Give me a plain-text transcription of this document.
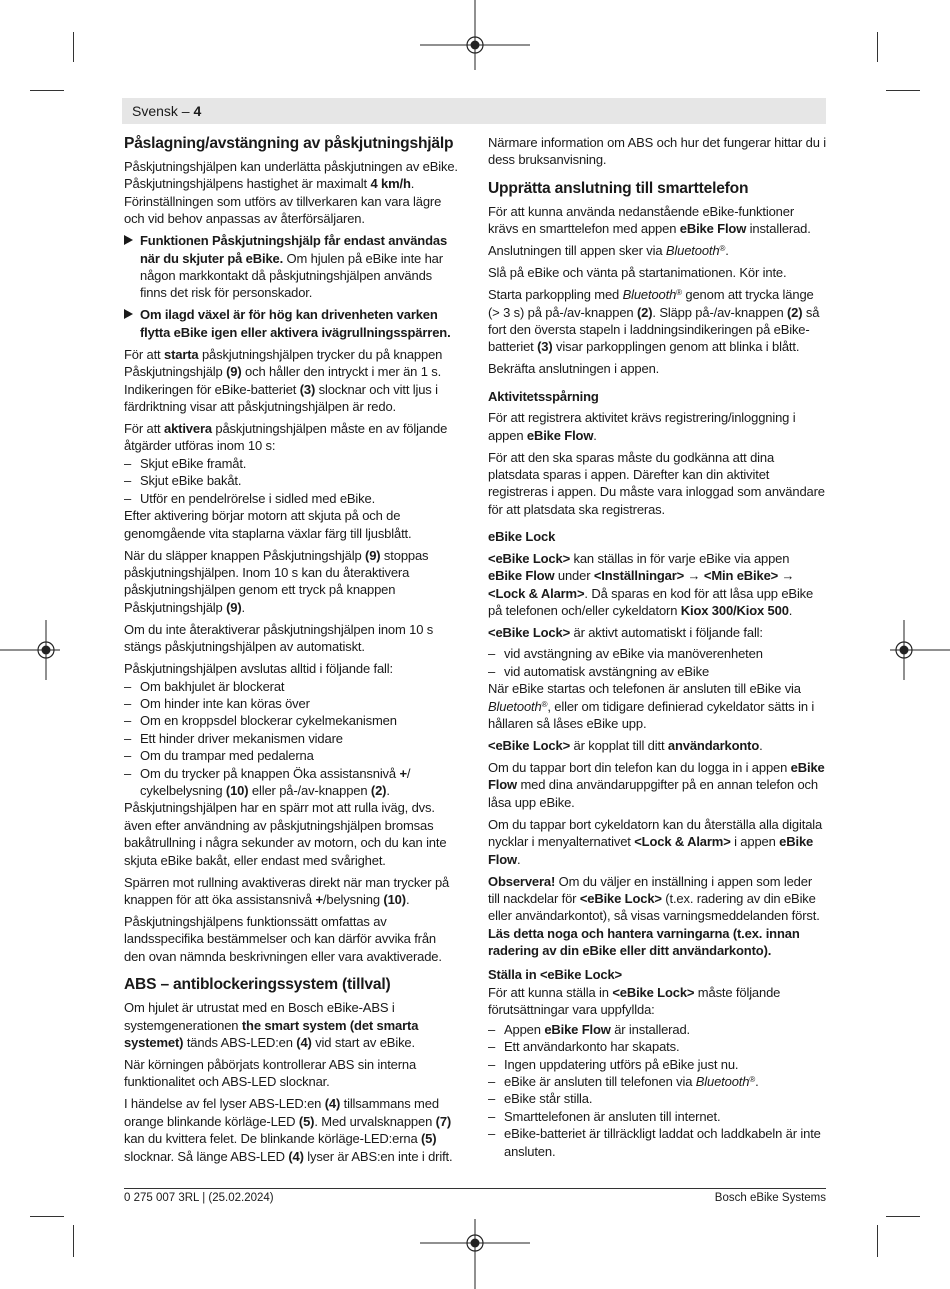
Svensk – 4
Påslagning/avstängning av påskjutningshjälp

Påskjutningshjälpen kan underlätta påskjutningen av eBike. Påskjutningshjälpens hastighet är maximalt 4 km/h. Förinställningen som utförs av tillverkaren kan vara lägre och vid behov anpassas av återförsäljaren.

Funktionen Påskjutningshjälp får endast användas när du skjuter på eBike. Om hjulen på eBike inte har någon markkontakt då påskjutningshjälpen används finns det risk för personskador.
Om ilagd växel är för hög kan drivenheten varken flytta eBike igen eller aktivera ivägrullningsspärren.

För att starta påskjutningshjälpen trycker du på knappen Påskjutningshjälp (9) och håller den intryckt i mer än 1 s. Indikeringen för eBike-batteriet (3) slocknar och vitt ljus i färdriktning visar att påskjutningshjälpen är redo.

För att aktivera påskjutningshjälpen måste en av följande åtgärder utföras inom 10 s:

– Skjut eBike framåt.
– Skjut eBike bakåt.
– Utför en pendelrörelse i sidled med eBike.

Efter aktivering börjar motorn att skjuta på och de genomgående vita staplarna växlar färg till ljusblått.

När du släpper knappen Påskjutningshjälp (9) stoppas påskjutningshjälpen. Inom 10 s kan du återaktivera påskjutningshjälpen genom ett tryck på knappen Påskjutningshjälp (9).

Om du inte återaktiverar påskjutningshjälpen inom 10 s stängs påskjutningshjälpen av automatiskt.

Påskjutningshjälpen avslutas alltid i följande fall:

– Om bakhjulet är blockerat
– Om hinder inte kan köras över
– Om en kroppsdel blockerar cykelmekanismen
– Ett hinder driver mekanismen vidare
– Om du trampar med pedalerna
– Om du trycker på knappen Öka assistansnivå +/ cykelbelysning (10) eller på-/av-knappen (2).

Påskjutningshjälpen har en spärr mot att rulla iväg, dvs. även efter användning av påskjutningshjälpen bromsas bakåtrullning i några sekunder av motorn, och du kan inte skjuta eBike bakåt, eller endast med svårighet.

Spärren mot rullning avaktiveras direkt när man trycker på knappen för att öka assistansnivå +/belysning (10).

Påskjutningshjälpens funktionssätt omfattas av landsspecifika bestämmelser och kan därför avvika från den ovan nämnda beskrivningen eller vara avaktiverade.

ABS – antiblockeringssystem (tillval)

Om hjulet är utrustat med en Bosch eBike-ABS i systemgenerationen the smart system (det smarta systemet) tänds ABS-LED:en (4) vid start av eBike.

När körningen påbörjats kontrollerar ABS sin interna funktionalitet och ABS-LED slocknar.

I händelse av fel lyser ABS-LED:en (4) tillsammans med orange blinkande körläge-LED (5). Med urvalsknappen (7) kan du kvittera felet. De blinkande körläge-LED:erna (5) slocknar. Så länge ABS-LED (4) lyser är ABS:en inte i drift.

Närmare information om ABS och hur det fungerar hittar du i dess bruksanvisning.

Upprätta anslutning till smarttelefon

För att kunna använda nedanstående eBike-funktioner krävs en smarttelefon med appen eBike Flow installerad.

Anslutningen till appen sker via Bluetooth®.

Slå på eBike och vänta på startanimationen. Kör inte.

Starta parkoppling med Bluetooth® genom att trycka länge (> 3 s) på på-/av-knappen (2). Släpp på-/av-knappen (2) så fort den översta stapeln i laddningsindikeringen på eBike-batteriet (3) visar parkopplingen genom att blinka i blått.

Bekräfta anslutningen i appen.

Aktivitetsspårning

För att registrera aktivitet krävs registrering/inloggning i appen eBike Flow.

För att den ska sparas måste du godkänna att dina platsdata sparas i appen. Därefter kan din aktivitet registreras i appen. Du måste vara inloggad som användare för att platsdata ska registreras.

eBike Lock

<eBike Lock> kan ställas in för varje eBike via appen eBike Flow under <Inställningar> → <Min eBike> → <Lock & Alarm>. Då sparas en kod för att låsa upp eBike på telefonen och/eller cykeldatorn Kiox 300/Kiox 500.

<eBike Lock> är aktivt automatiskt i följande fall:

– vid avstängning av eBike via manöverenheten
– vid automatisk avstängning av eBike

När eBike startas och telefonen är ansluten till eBike via Bluetooth®, eller om tidigare definierad cykeldator sätts in i hållaren så låses eBike upp.

<eBike Lock> är kopplat till ditt användarkonto.

Om du tappar bort din telefon kan du logga in i appen eBike Flow med dina användaruppgifter på en annan telefon och låsa upp eBike.

Om du tappar bort cykeldatorn kan du återställa alla digitala nycklar i menyalternativet <Lock & Alarm> i appen eBike Flow.

Observera! Om du väljer en inställning i appen som leder till nackdelar för <eBike Lock> (t.ex. radering av din eBike eller användarkontot), så visas varningsmeddelanden först. Läs detta noga och hantera varningarna (t.ex. innan radering av din eBike eller ditt användarkonto).

Ställa in <eBike Lock>

För att kunna ställa in <eBike Lock> måste följande förutsättningar vara uppfyllda:

– Appen eBike Flow är installerad.
– Ett användarkonto har skapats.
– Ingen uppdatering utförs på eBike just nu.
– eBike är ansluten till telefonen via Bluetooth®.
– eBike står stilla.
– Smarttelefonen är ansluten till internet.
– eBike-batteriet är tillräckligt laddat och laddkabeln är inte ansluten.
0 275 007 3RL | (25.02.2024)	Bosch eBike Systems
